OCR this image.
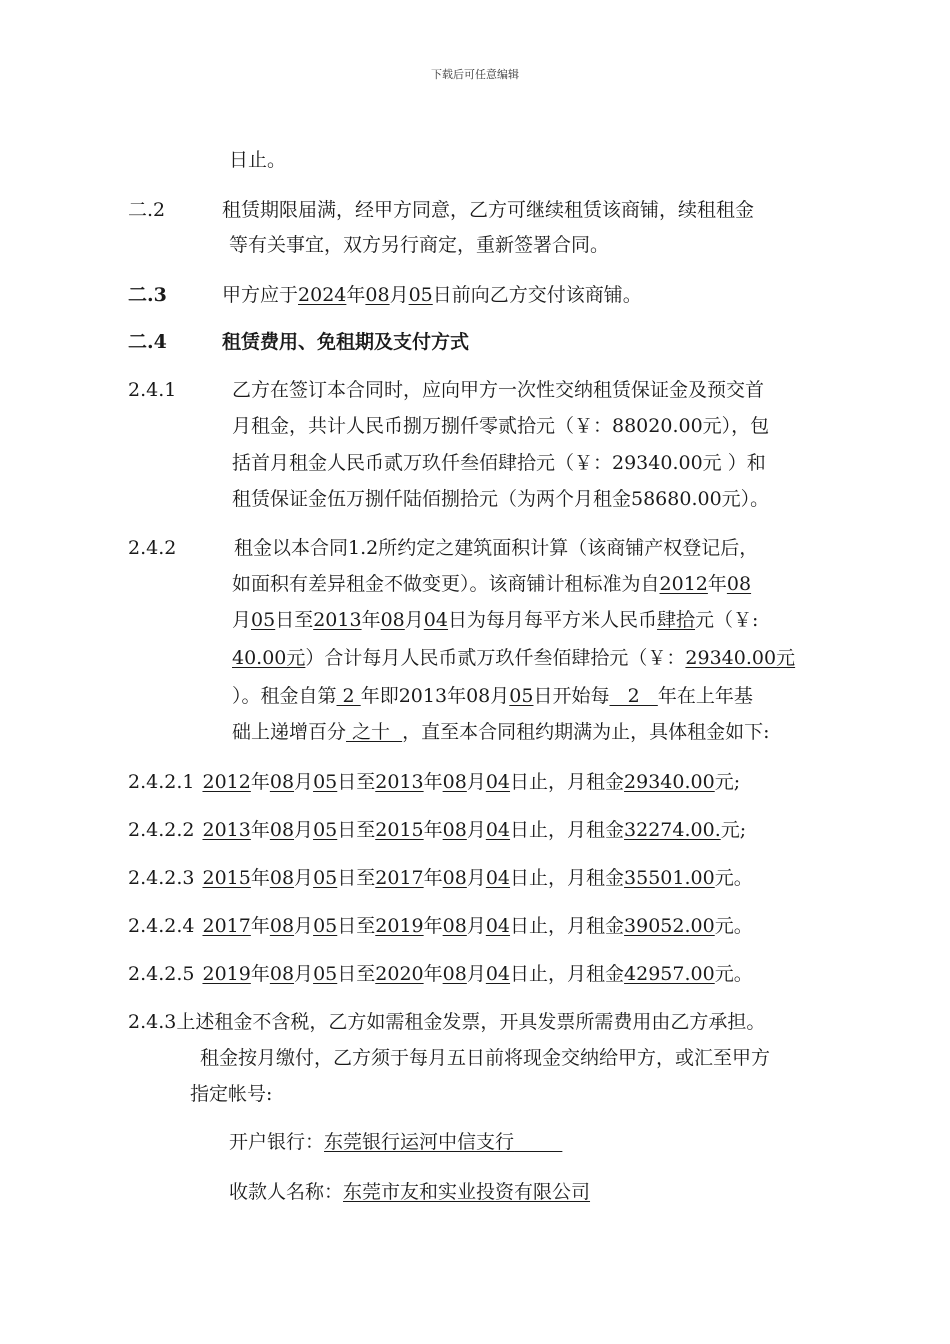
下载后可任意编辑
日止。
二.2	租赁期限届满，经甲方同意，乙方可继续租赁该商铺，续租租金
等有关事宜，双方另行商定，重新签署合同。
二.3	甲方应于2024年08月05日前向乙方交付该商铺。
二.4	租赁费用、免租期及支付方式
2.4.1	乙方在签订本合同时，应向甲方一次性交纳租赁保证金及预交首
月租金，共计人民币捌万捌仟零贰拾元（￥：88020.00元），包
括首月租金人民币贰万玖仟叁佰肆拾元（￥：29340.00元 ）和
租赁保证金伍万捌仟陆佰捌拾元（为两个月租金58680.00元）。
2.4.2	租金以本合同1.2所约定之建筑面积计算（该商铺产权登记后，
如面积有差异租金不做变更）。该商铺计租标准为自2012年08
月05日至2013年08月04日为每月每平方米人民币肆拾元（￥:
40.00元）合计每月人民币贰万玖仟叁佰肆拾元（￥：29340.00元
）。租金自第 2 年即2013年08月05日开始每   2   年在上年基
础上递增百分 之十  ，直至本合同租约期满为止，具体租金如下:
2.4.2.1 2012年08月05日至2013年08月04日止，月租金29340.00元;
2.4.2.2 2013年08月05日至2015年08月04日止，月租金32274.00.元;
2.4.2.3 2015年08月05日至2017年08月04日止，月租金35501.00元。
2.4.2.4 2017年08月05日至2019年08月04日止，月租金39052.00元。
2.4.2.5 2019年08月05日至2020年08月04日止，月租金42957.00元。
2.4.3上述租金不含税，乙方如需租金发票，开具发票所需费用由乙方承担。
租金按月缴付，乙方须于每月五日前将现金交纳给甲方，或汇至甲方
指定帐号:
开户银行：东莞银行运河中信支行
收款人名称：东莞市友和实业投资有限公司
